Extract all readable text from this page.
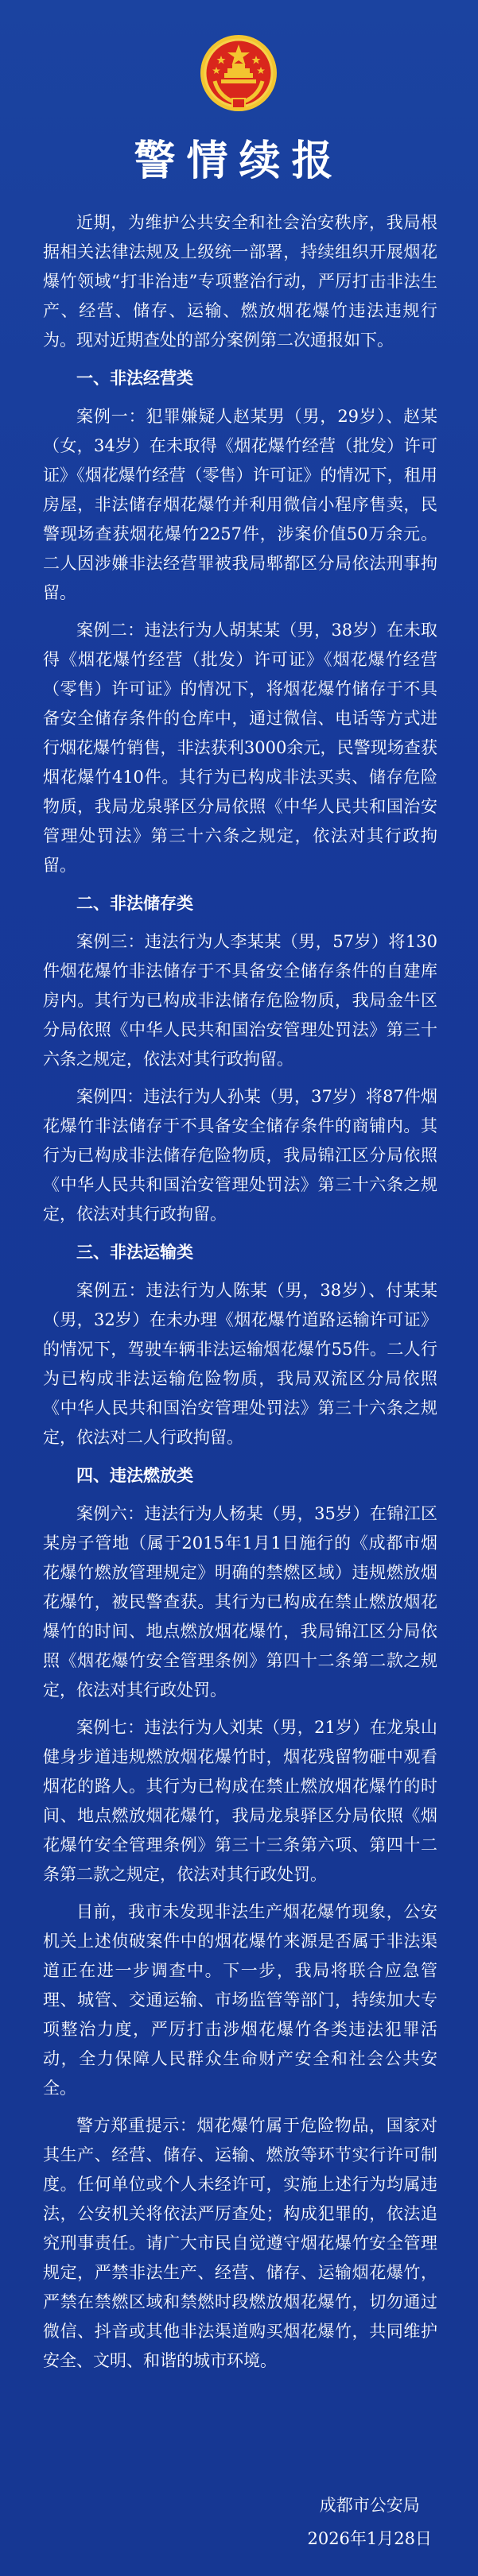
警情续报

近期，为维护公共安全和社会治安秩序，我局根据相关法律法规及上级统一部署，持续组织开展烟花爆竹领域“打非治违”专项整治行动，严厉打击非法生产、经营、储存、运输、燃放烟花爆竹违法违规行为。现对近期查处的部分案例第二次通报如下。

一、非法经营类

案例一：犯罪嫌疑人赵某男（男，29岁）、赵某（女，34岁）在未取得《烟花爆竹经营（批发）许可证》《烟花爆竹经营（零售）许可证》的情况下，租用房屋，非法储存烟花爆竹并利用微信小程序售卖，民警现场查获烟花爆竹2257件，涉案价值50万余元。二人因涉嫌非法经营罪被我局郫都区分局依法刑事拘留。

案例二：违法行为人胡某某（男，38岁）在未取得《烟花爆竹经营（批发）许可证》《烟花爆竹经营（零售）许可证》的情况下，将烟花爆竹储存于不具备安全储存条件的仓库中，通过微信、电话等方式进行烟花爆竹销售，非法获利3000余元，民警现场查获烟花爆竹410件。其行为已构成非法买卖、储存危险物质，我局龙泉驿区分局依照《中华人民共和国治安管理处罚法》第三十六条之规定，依法对其行政拘留。

二、非法储存类

案例三：违法行为人李某某（男，57岁）将130件烟花爆竹非法储存于不具备安全储存条件的自建库房内。其行为已构成非法储存危险物质，我局金牛区分局依照《中华人民共和国治安管理处罚法》第三十六条之规定，依法对其行政拘留。

案例四：违法行为人孙某（男，37岁）将87件烟花爆竹非法储存于不具备安全储存条件的商铺内。其行为已构成非法储存危险物质，我局锦江区分局依照《中华人民共和国治安管理处罚法》第三十六条之规定，依法对其行政拘留。

三、非法运输类

案例五：违法行为人陈某（男，38岁）、付某某（男，32岁）在未办理《烟花爆竹道路运输许可证》的情况下，驾驶车辆非法运输烟花爆竹55件。二人行为已构成非法运输危险物质，我局双流区分局依照《中华人民共和国治安管理处罚法》第三十六条之规定，依法对二人行政拘留。

四、违法燃放类

案例六：违法行为人杨某（男，35岁）在锦江区某房子管地（属于2015年1月1日施行的《成都市烟花爆竹燃放管理规定》明确的禁燃区域）违规燃放烟花爆竹，被民警查获。其行为已构成在禁止燃放烟花爆竹的时间、地点燃放烟花爆竹，我局锦江区分局依照《烟花爆竹安全管理条例》第四十二条第二款之规定，依法对其行政处罚。

案例七：违法行为人刘某（男，21岁）在龙泉山健身步道违规燃放烟花爆竹时，烟花残留物砸中观看烟花的路人。其行为已构成在禁止燃放烟花爆竹的时间、地点燃放烟花爆竹，我局龙泉驿区分局依照《烟花爆竹安全管理条例》第三十三条第六项、第四十二条第二款之规定，依法对其行政处罚。

目前，我市未发现非法生产烟花爆竹现象，公安机关上述侦破案件中的烟花爆竹来源是否属于非法渠道正在进一步调查中。下一步，我局将联合应急管理、城管、交通运输、市场监管等部门，持续加大专项整治力度，严厉打击涉烟花爆竹各类违法犯罪活动，全力保障人民群众生命财产安全和社会公共安全。

警方郑重提示：烟花爆竹属于危险物品，国家对其生产、经营、储存、运输、燃放等环节实行许可制度。任何单位或个人未经许可，实施上述行为均属违法，公安机关将依法严厉查处；构成犯罪的，依法追究刑事责任。请广大市民自觉遵守烟花爆竹安全管理规定，严禁非法生产、经营、储存、运输烟花爆竹，严禁在禁燃区域和禁燃时段燃放烟花爆竹，切勿通过微信、抖音或其他非法渠道购买烟花爆竹，共同维护安全、文明、和谐的城市环境。

成都市公安局
2026年1月28日
